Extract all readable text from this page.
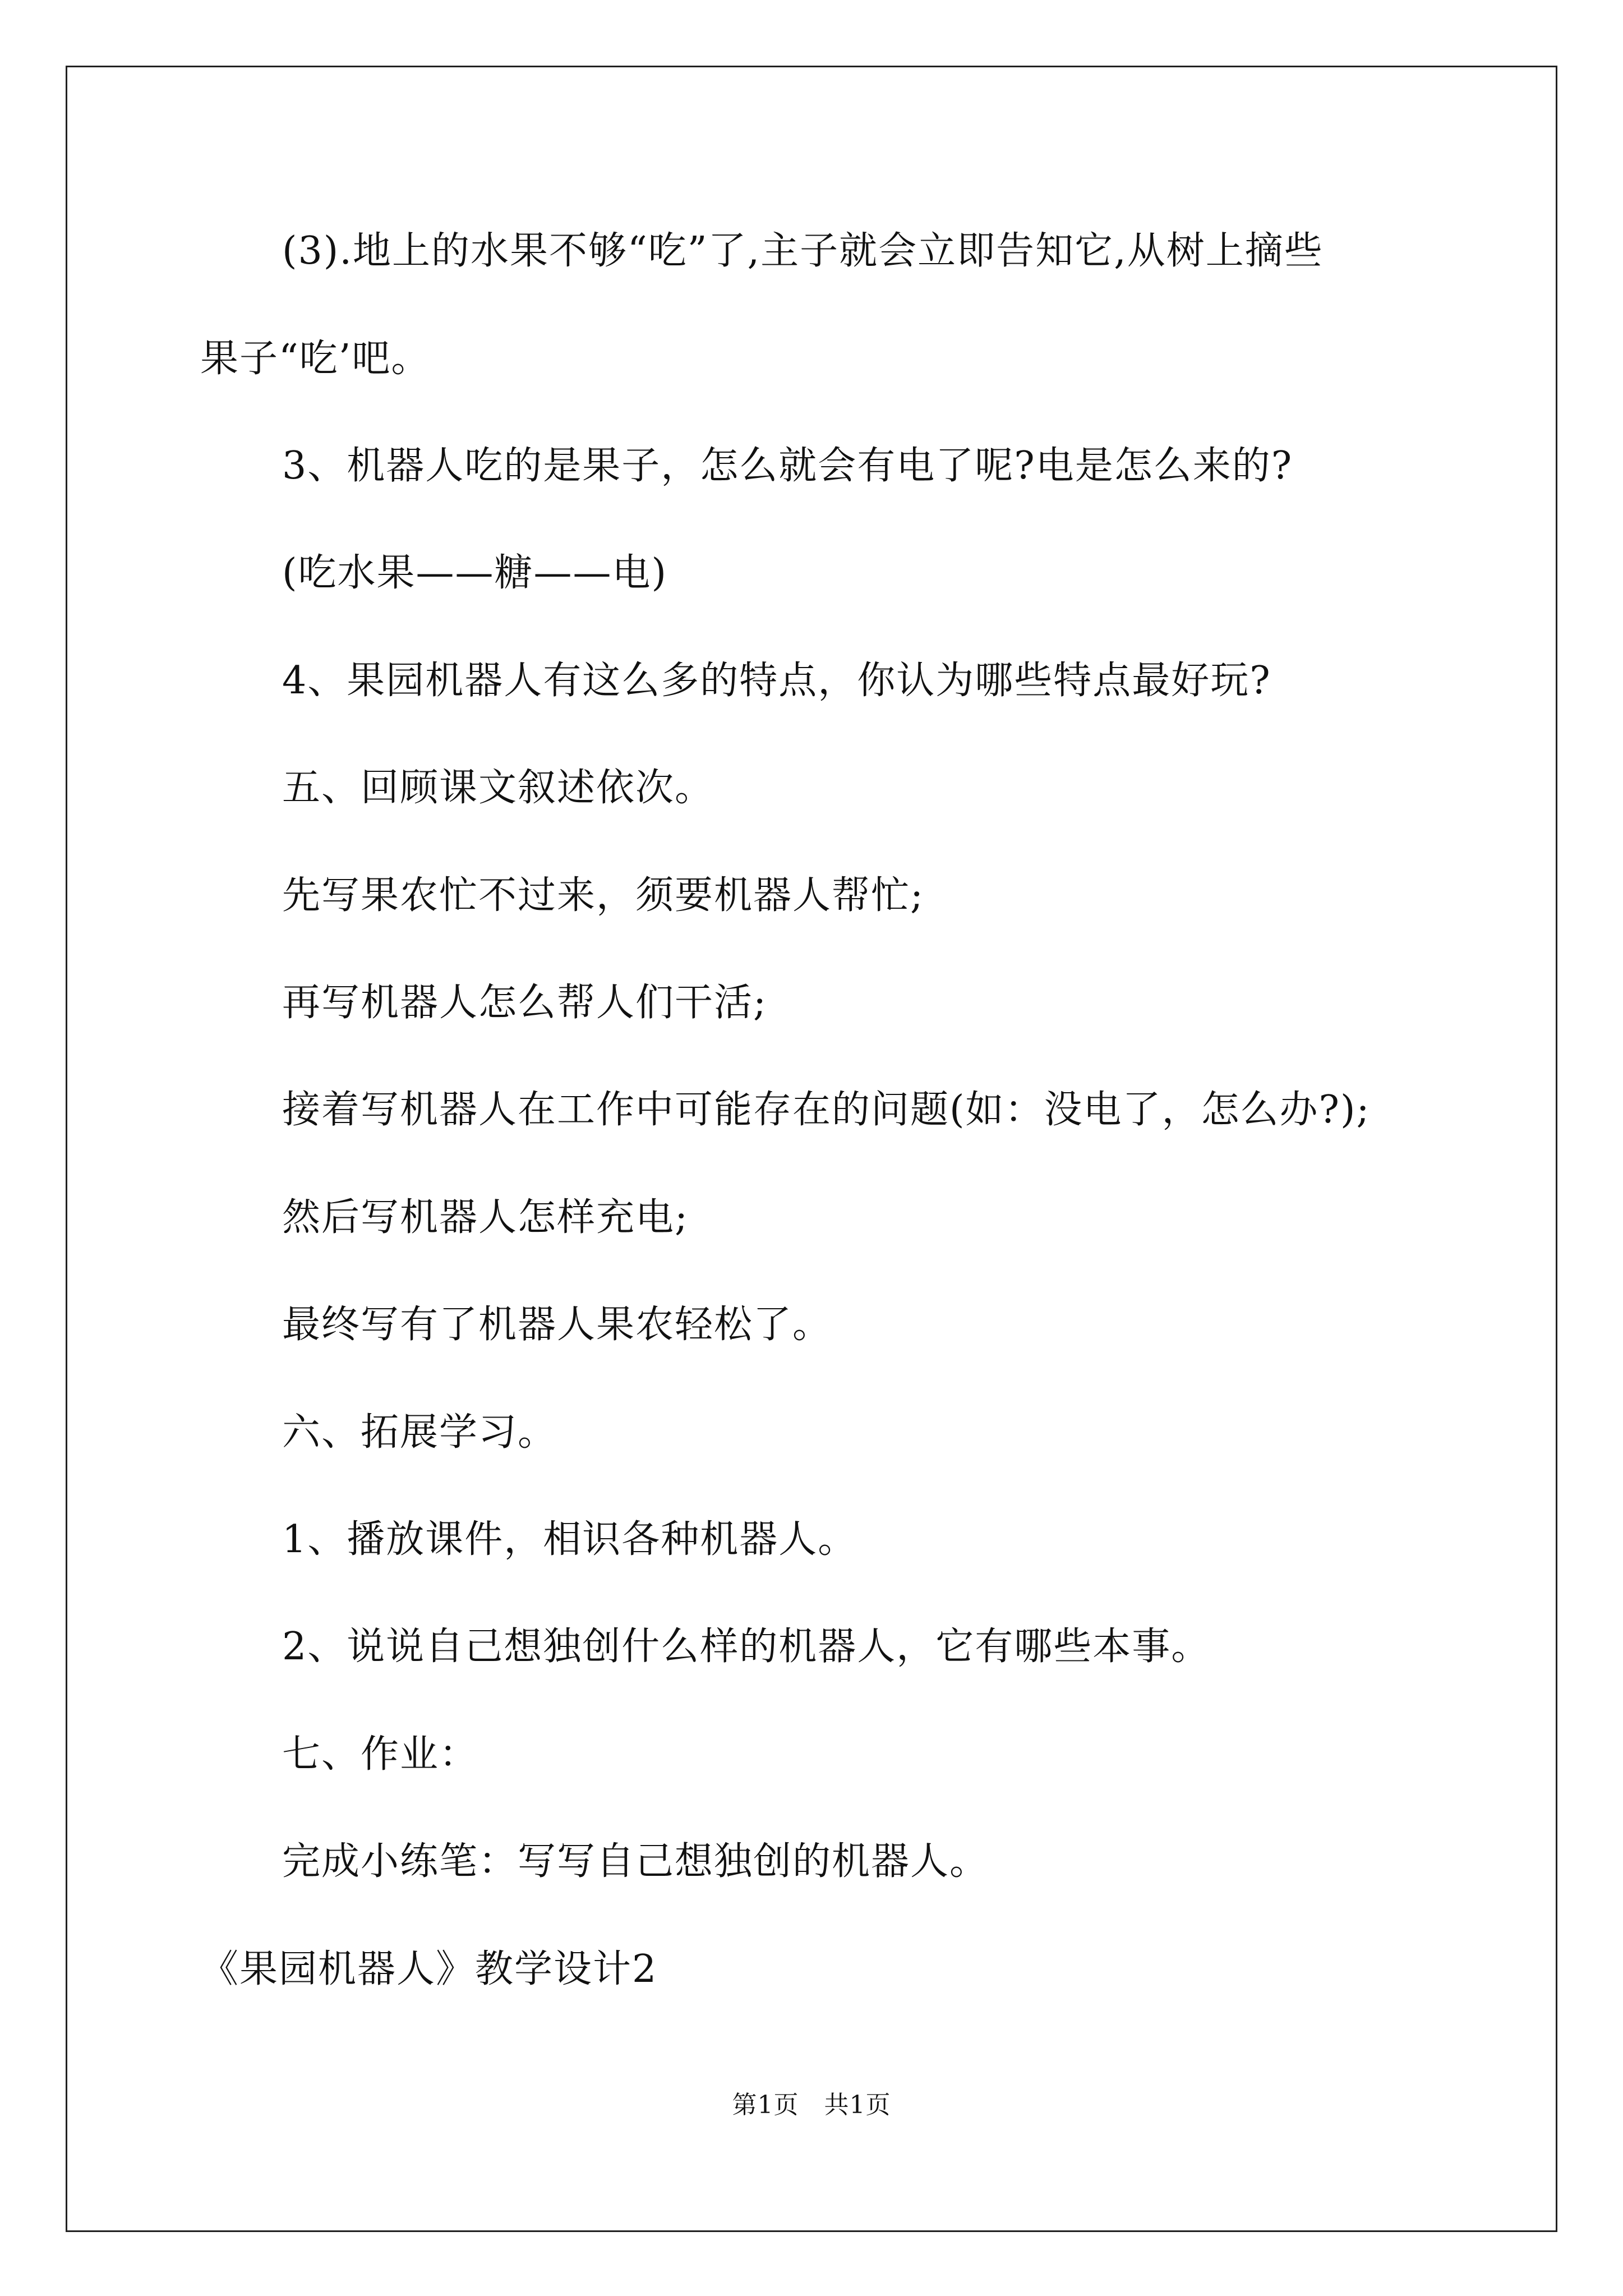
(3).地上的水果不够“吃”了,主子就会立即告知它,从树上摘些
果子“吃’吧。
3、机器人吃的是果子，怎么就会有电了呢?电是怎么来的?
(吃水果——糖——电)
4、果园机器人有这么多的特点，你认为哪些特点最好玩?
五、回顾课文叙述依次。
先写果农忙不过来，须要机器人帮忙;
再写机器人怎么帮人们干活;
接着写机器人在工作中可能存在的问题(如：没电了，怎么办?);
然后写机器人怎样充电;
最终写有了机器人果农轻松了。
六、拓展学习。
1、播放课件，相识各种机器人。
2、说说自己想独创什么样的机器人，它有哪些本事。
七、作业：
完成小练笔：写写自己想独创的机器人。
《果园机器人》教学设计2
第1页　共1页
